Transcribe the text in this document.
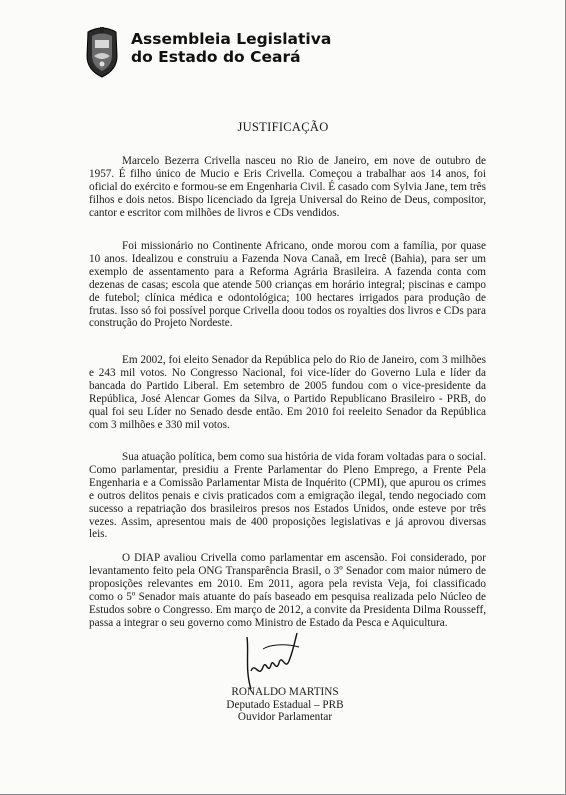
Assembleia Legislativa
do Estado do Ceará
JUSTIFICAÇÃO

Marcelo Bezerra Crivella nasceu no Rio de Janeiro, em nove de outubro de 1957. É filho único de Mucio e Eris Crivella. Começou a trabalhar aos 14 anos, foi oficial do exército e formou-se em Engenharia Civil. É casado com Sylvia Jane, tem três filhos e dois netos. Bispo licenciado da Igreja Universal do Reino de Deus, compositor, cantor e escritor com milhões de livros e CDs vendidos.

Foi missionário no Continente Africano, onde morou com a família, por quase 10 anos. Idealizou e construiu a Fazenda Nova Canaã, em Irecê (Bahia), para ser um exemplo de assentamento para a Reforma Agrária Brasileira. A fazenda conta com dezenas de casas; escola que atende 500 crianças em horário integral; piscinas e campo de futebol; clínica médica e odontológica; 100 hectares irrigados para produção de frutas. Isso só foi possível porque Crivella doou todos os royalties dos livros e CDs para construção do Projeto Nordeste.

Em 2002, foi eleito Senador da República pelo do Rio de Janeiro, com 3 milhões e 243 mil votos. No Congresso Nacional, foi vice-líder do Governo Lula e líder da bancada do Partido Liberal. Em setembro de 2005 fundou com o vice-presidente da República, José Alencar Gomes da Silva, o Partido Republicano Brasileiro - PRB, do qual foi seu Líder no Senado desde então. Em 2010 foi reeleito Senador da República com 3 milhões e 330 mil votos.

Sua atuação política, bem como sua história de vida foram voltadas para o social. Como parlamentar, presidiu a Frente Parlamentar do Pleno Emprego, a Frente Pela Engenharia e a Comissão Parlamentar Mista de Inquérito (CPMI), que apurou os crimes e outros delitos penais e civis praticados com a emigração ilegal, tendo negociado com sucesso a repatriação dos brasileiros presos nos Estados Unidos, onde esteve por três vezes. Assim, apresentou mais de 400 proposições legislativas e já aprovou diversas leis.

O DIAP avaliou Crivella como parlamentar em ascensão. Foi considerado, por levantamento feito pela ONG Transparência Brasil, o 3º Senador com maior número de proposições relevantes em 2010. Em 2011, agora pela revista Veja, foi classificado como o 5º Senador mais atuante do país baseado em pesquisa realizada pelo Núcleo de Estudos sobre o Congresso. Em março de 2012, a convite da Presidenta Dilma Rousseff, passa a integrar o seu governo como Ministro de Estado da Pesca e Aquicultura.

RONALDO MARTINS
Deputado Estadual – PRB
Ouvidor Parlamentar
